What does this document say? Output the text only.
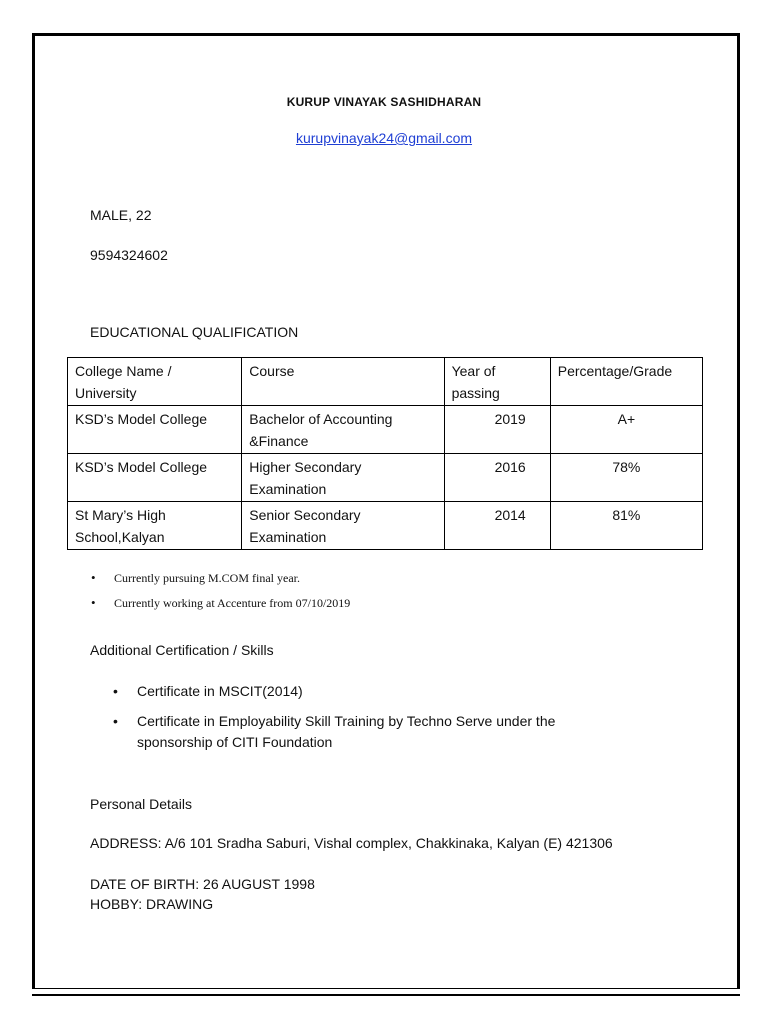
KURUP VINAYAK SASHIDHARAN
kurupvinayak24@gmail.com
MALE, 22
9594324602
EDUCATIONAL QUALIFICATION
College Name / University	Course	Year of passing	Percentage/Grade
KSD’s Model College	Bachelor of Accounting &Finance	2019	A+
KSD’s Model College	Higher Secondary Examination	2016	78%
St Mary’s High School,Kalyan	Senior Secondary Examination	2014	81%
• Currently pursuing M.COM final year.
• Currently working at Accenture from 07/10/2019
Additional Certification / Skills
• Certificate in MSCIT(2014)
• Certificate in Employability Skill Training by Techno Serve under the sponsorship of CITI Foundation
Personal Details
ADDRESS: A/6 101 Sradha Saburi, Vishal complex, Chakkinaka, Kalyan (E) 421306
DATE OF BIRTH: 26 AUGUST 1998
HOBBY: DRAWING
